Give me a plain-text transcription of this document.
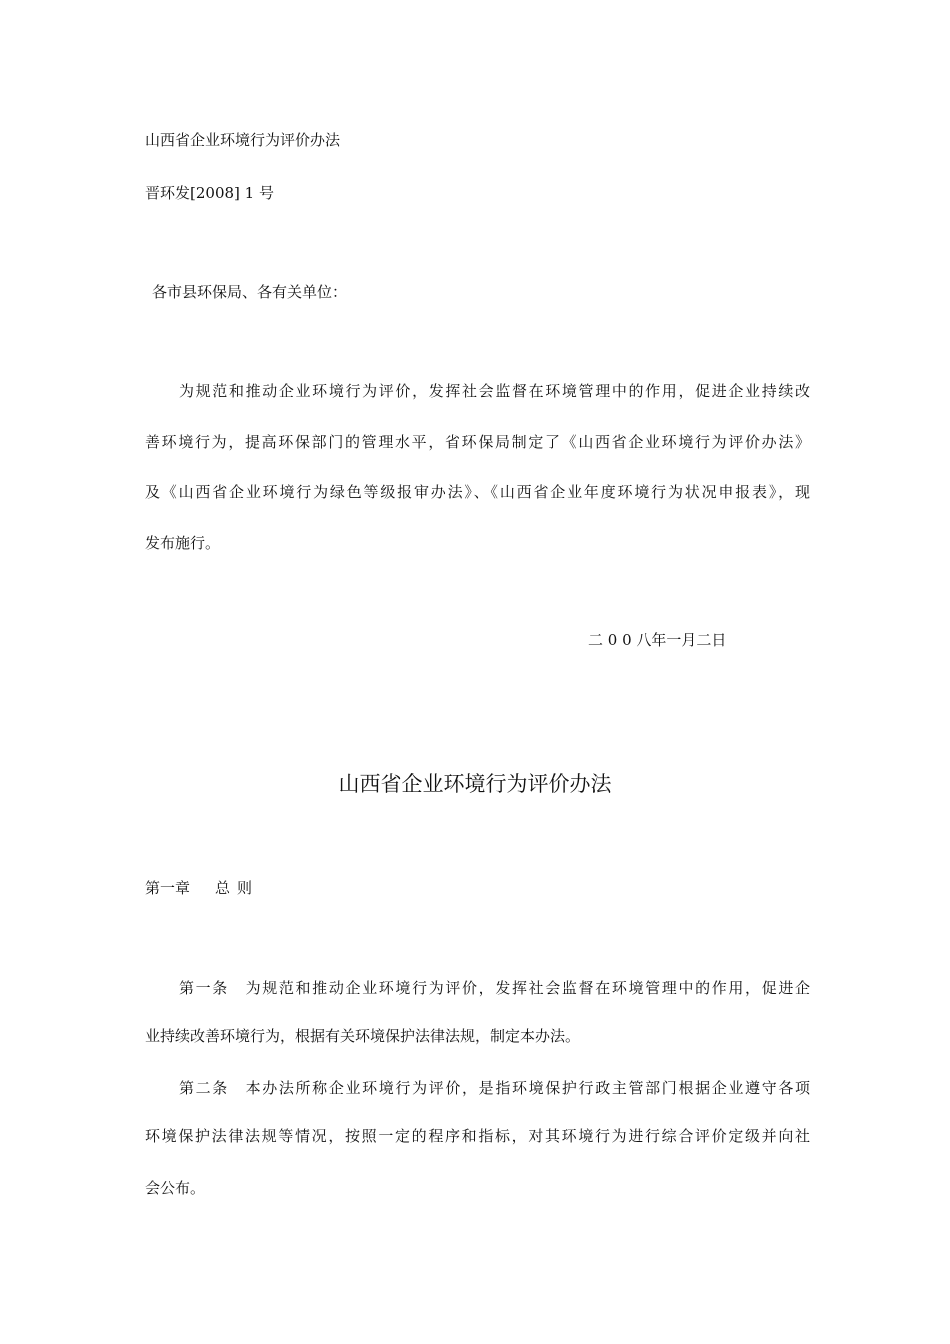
山西省企业环境行为评价办法
晋环发[2008] 1 号
各市县环保局、各有关单位：
为规范和推动企业环境行为评价，发挥社会监督在环境管理中的作用，促进企业持续改
善环境行为，提高环保部门的管理水平，省环保局制定了《山西省企业环境行为评价办法》
及《山西省企业环境行为绿色等级报审办法》、《山西省企业年度环境行为状况申报表》，现
发布施行。
二 0 0 八年一月二日
山西省企业环境行为评价办法
第一章 总 则
第一条　为规范和推动企业环境行为评价，发挥社会监督在环境管理中的作用，促进企
业持续改善环境行为，根据有关环境保护法律法规，制定本办法。
第二条　本办法所称企业环境行为评价，是指环境保护行政主管部门根据企业遵守各项
环境保护法律法规等情况，按照一定的程序和指标，对其环境行为进行综合评价定级并向社
会公布。
